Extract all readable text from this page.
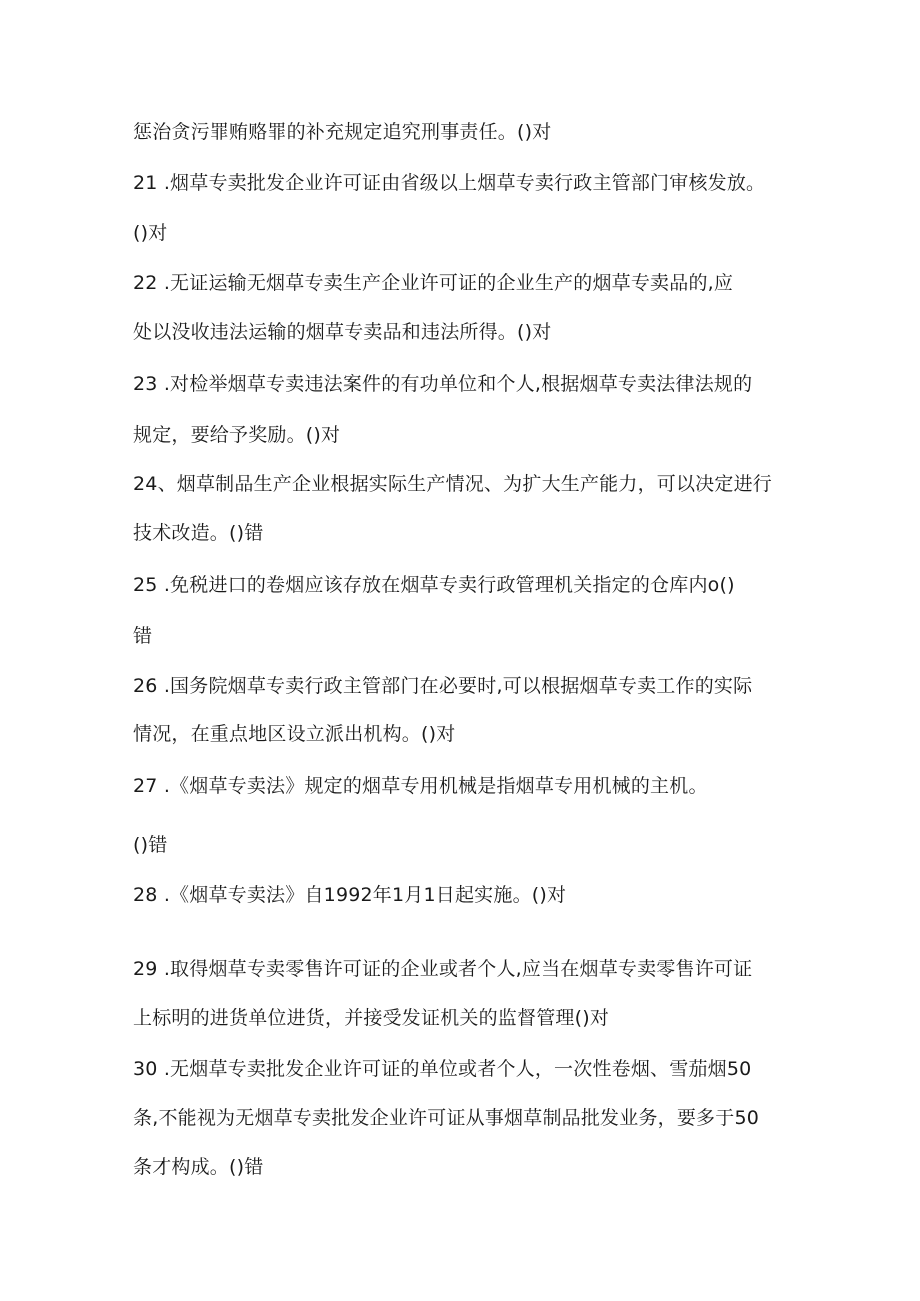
惩治贪污罪贿赂罪的补充规定追究刑事责任。()对
21 .烟草专卖批发企业许可证由省级以上烟草专卖行政主管部门审核发放。
()对
22 .无证运输无烟草专卖生产企业许可证的企业生产的烟草专卖品的,应
处以没收违法运输的烟草专卖品和违法所得。()对
23 .对检举烟草专卖违法案件的有功单位和个人,根据烟草专卖法律法规的
规定，要给予奖励。()对
24、烟草制品生产企业根据实际生产情况、为扩大生产能力，可以决定进行
技术改造。()错
25 .免税进口的卷烟应该存放在烟草专卖行政管理机关指定的仓库内o()
错
26 .国务院烟草专卖行政主管部门在必要时,可以根据烟草专卖工作的实际
情况，在重点地区设立派出机构。()对
27 .《烟草专卖法》规定的烟草专用机械是指烟草专用机械的主机。
()错
28 .《烟草专卖法》自1992年1月1日起实施。()对
29 .取得烟草专卖零售许可证的企业或者个人,应当在烟草专卖零售许可证
上标明的进货单位进货，并接受发证机关的监督管理()对
30 .无烟草专卖批发企业许可证的单位或者个人，一次性卷烟、雪茄烟50
条,不能视为无烟草专卖批发企业许可证从事烟草制品批发业务，要多于50
条才构成。()错
